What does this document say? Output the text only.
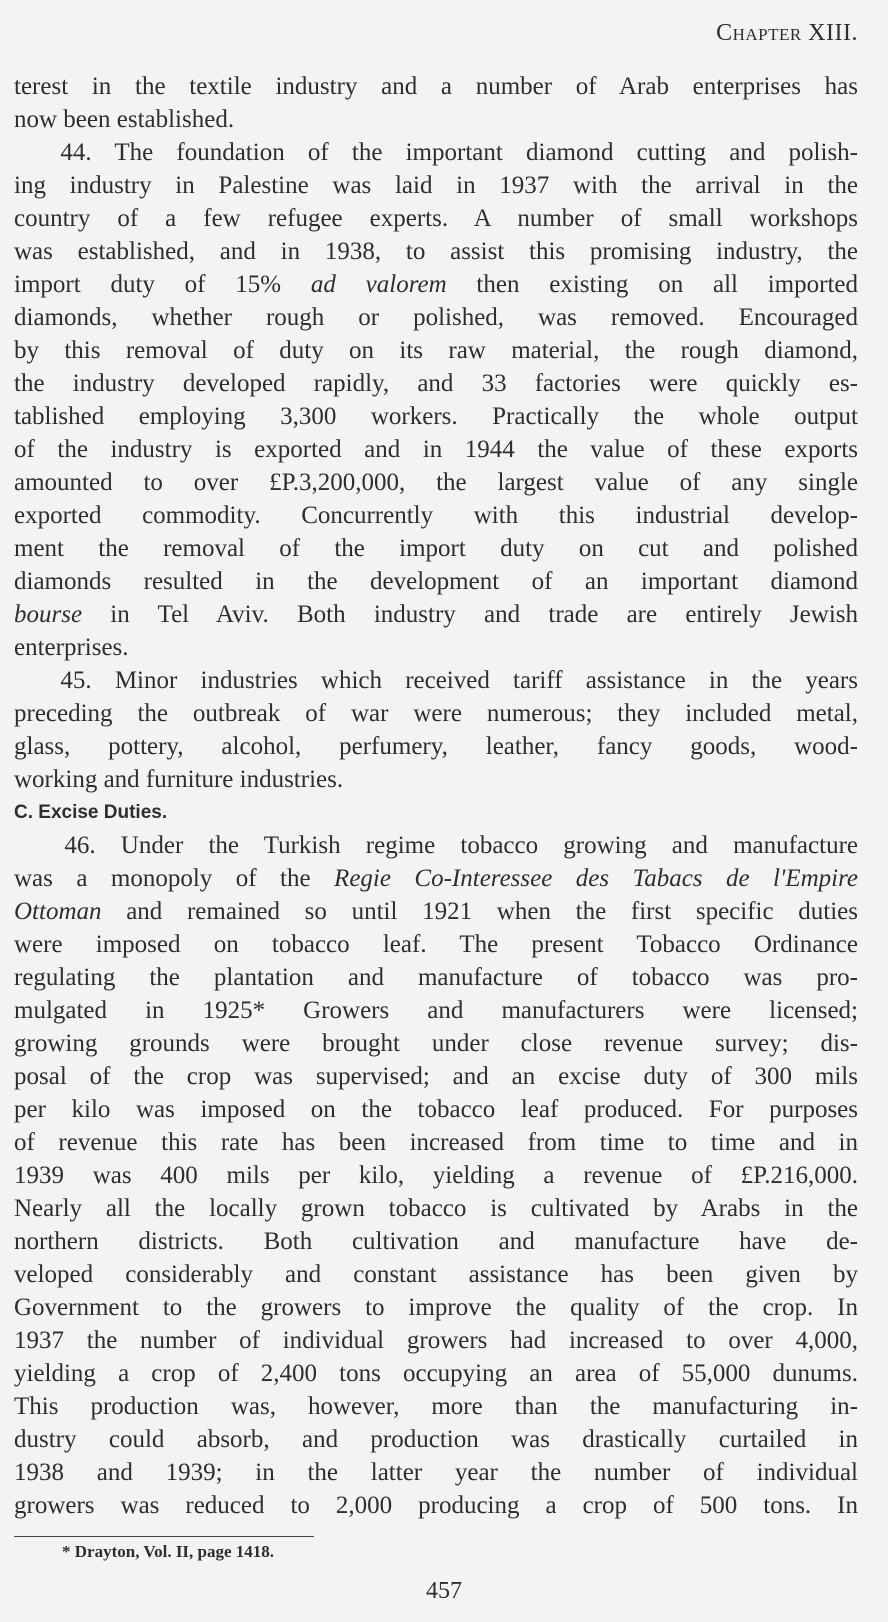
Chapter XIII.
terest in the textile industry and a number of Arab enterprises has
now been established.
44. The foundation of the important diamond cutting and polish-
ing industry in Palestine was laid in 1937 with the arrival in the
country of a few refugee experts. A number of small workshops
was established, and in 1938, to assist this promising industry, the
import duty of 15% ad valorem then existing on all imported
diamonds, whether rough or polished, was removed. Encouraged
by this removal of duty on its raw material, the rough diamond,
the industry developed rapidly, and 33 factories were quickly es-
tablished employing 3,300 workers. Practically the whole output
of the industry is exported and in 1944 the value of these exports
amounted to over £P.3,200,000, the largest value of any single
exported commodity. Concurrently with this industrial develop-
ment the removal of the import duty on cut and polished
diamonds resulted in the development of an important diamond
bourse in Tel Aviv. Both industry and trade are entirely Jewish
enterprises.
45. Minor industries which received tariff assistance in the years
preceding the outbreak of war were numerous; they included metal,
glass, pottery, alcohol, perfumery, leather, fancy goods, wood-
working and furniture industries.
C. Excise Duties.
46. Under the Turkish regime tobacco growing and manufacture
was a monopoly of the Regie Co-Interessee des Tabacs de l'Empire
Ottoman and remained so until 1921 when the first specific duties
were imposed on tobacco leaf. The present Tobacco Ordinance
regulating the plantation and manufacture of tobacco was pro-
mulgated in 1925* Growers and manufacturers were licensed;
growing grounds were brought under close revenue survey; dis-
posal of the crop was supervised; and an excise duty of 300 mils
per kilo was imposed on the tobacco leaf produced. For purposes
of revenue this rate has been increased from time to time and in
1939 was 400 mils per kilo, yielding a revenue of £P.216,000.
Nearly all the locally grown tobacco is cultivated by Arabs in the
northern districts. Both cultivation and manufacture have de-
veloped considerably and constant assistance has been given by
Government to the growers to improve the quality of the crop. In
1937 the number of individual growers had increased to over 4,000,
yielding a crop of 2,400 tons occupying an area of 55,000 dunums.
This production was, however, more than the manufacturing in-
dustry could absorb, and production was drastically curtailed in
1938 and 1939; in the latter year the number of individual
growers was reduced to 2,000 producing a crop of 500 tons. In
* Drayton, Vol. II, page 1418.
457
